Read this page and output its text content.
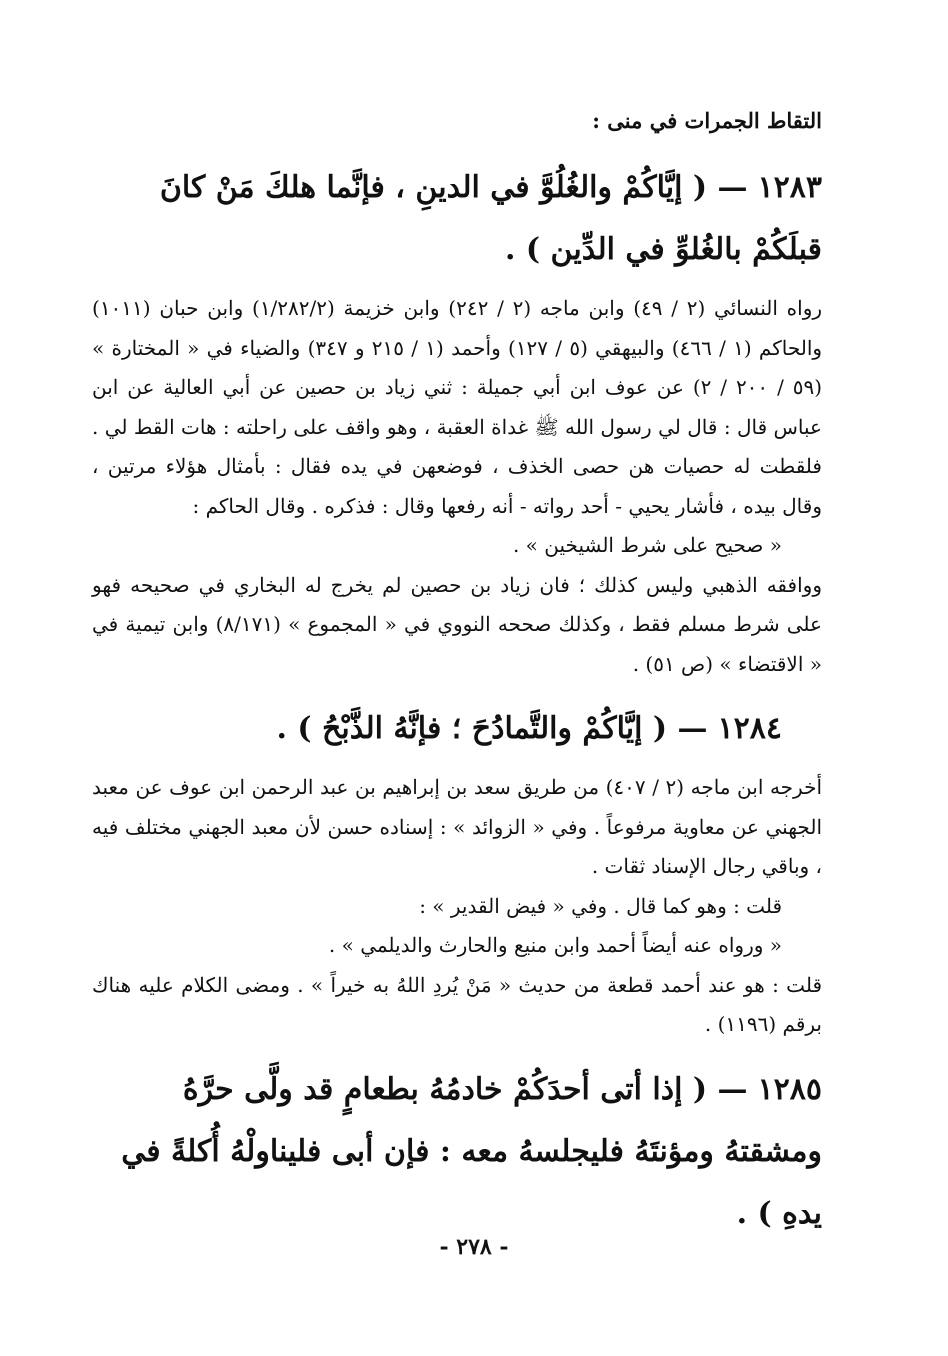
التقاط الجمرات في منى :

١٢٨٣— ( إيَّاكُمْ والغُلُوَّ في الدينِ ، فإنَّما هلكَ مَنْ كانَ قبلَكُمْ بالغُلوِّ في الدِّين ) .

رواه النسائي (٢ / ٤٩) وابن ماجه (٢ / ٢٤٢) وابن خزيمة (١/٢٨٢/٢) وابن حبان (١٠١١) والحاكم (١ / ٤٦٦) والبيهقي (٥ / ١٢٧) وأحمد (١ / ٢١٥ و ٣٤٧) والضياء في « المختارة » (٥٩ / ٢٠٠ / ٢) عن عوف ابن أبي جميلة : ثني زياد بن حصين عن أبي العالية عن ابن عباس قال : قال لي رسول الله ﷺ غداة العقبة ، وهو واقف على راحلته : هات القط لي . فلقطت له حصيات هن حصى الخذف ، فوضعهن في يده فقال : بأمثال هؤلاء مرتين ، وقال بيده ، فأشار يحيي - أحد رواته - أنه رفعها وقال : فذكره . وقال الحاكم :

« صحيح على شرط الشيخين » .

ووافقه الذهبي وليس كذلك ؛ فان زياد بن حصين لم يخرج له البخاري في صحيحه فهو على شرط مسلم فقط ، وكذلك صححه النووي في « المجموع » (٨/١٧١) وابن تيمية في « الاقتضاء » (ص ٥١) .

١٢٨٤— ( إيَّاكُمْ والتَّمادُحَ ؛ فإنَّهُ الذَّبْحُ ) .

أخرجه ابن ماجه (٢ / ٤٠٧) من طريق سعد بن إبراهيم بن عبد الرحمن ابن عوف عن معبد الجهني عن معاوية مرفوعاً . وفي « الزوائد » : إسناده حسن لأن معبد الجهني مختلف فيه ، وباقي رجال الإسناد ثقات .

قلت : وهو كما قال . وفي « فيض القدير » :

« ورواه عنه أيضاً أحمد وابن منيع والحارث والديلمي » .

قلت : هو عند أحمد قطعة من حديث « مَنْ يُردِ اللهُ به خيراً » . ومضى الكلام عليه هناك برقم (١١٩٦) .

١٢٨٥— ( إذا أتى أحدَكُمْ خادمُهُ بطعامٍ قد ولَّى حرَّهُ ومشقتهُ ومؤنتَهُ فليجلسهُ معه : فإن أبى فليناولْهُ أُكلةً في يدهِ ) .

- ٢٧٨ -
